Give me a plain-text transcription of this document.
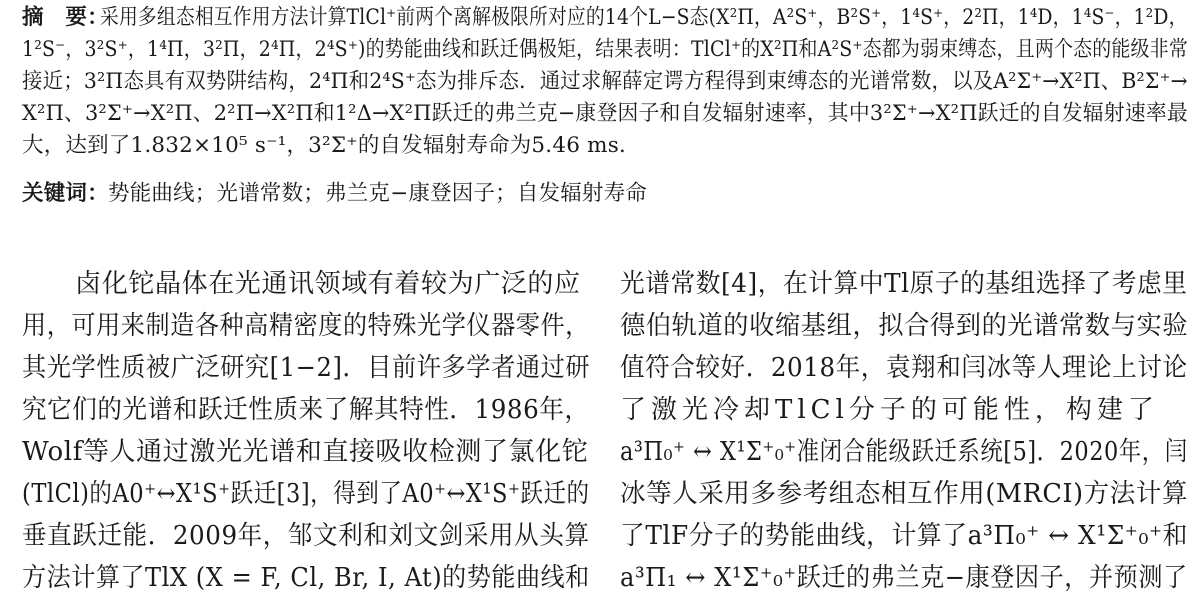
摘　要：
采用多组态相互作用方法计算TlCl⁺前两个离解极限所对应的14个L−S态(X²Π，A²S⁺，B²S⁺，1⁴S⁺，2²Π，1⁴D，1⁴S⁻，1²D，
1²S⁻，3²S⁺，1⁴Π，3²Π，2⁴Π，2⁴S⁺)的势能曲线和跃迁偶极矩，结果表明：TlCl⁺的X²Π和A²S⁺态都为弱束缚态，且两个态的能级非常
接近；3²Π态具有双势阱结构，2⁴Π和2⁴S⁺态为排斥态．通过求解薛定谔方程得到束缚态的光谱常数，以及A²Σ⁺→X²Π、B²Σ⁺→
X²Π、3²Σ⁺→X²Π、2²Π→X²Π和1²Δ→X²Π跃迁的弗兰克−康登因子和自发辐射速率，其中3²Σ⁺→X²Π跃迁的自发辐射速率最
大，达到了1.832×10⁵ s⁻¹，3²Σ⁺的自发辐射寿命为5.46 ms．
关键词： 势能曲线；光谱常数；弗兰克−康登因子；自发辐射寿命
　　卤化铊晶体在光通讯领域有着较为广泛的应
用，可用来制造各种高精密度的特殊光学仪器零件，
其光学性质被广泛研究[1−2]．目前许多学者通过研
究它们的光谱和跃迁性质来了解其特性．1986年，
Wolf等人通过激光光谱和直接吸收检测了氯化铊
(TlCl)的A0⁺↔X¹S⁺跃迁[3]，得到了A0⁺↔X¹S⁺跃迁的
垂直跃迁能．2009年，邹文利和刘文剑采用从头算
方法计算了TlX (X = F, Cl, Br, I, At)的势能曲线和
光谱常数[4]，在计算中Tl原子的基组选择了考虑里
德伯轨道的收缩基组，拟合得到的光谱常数与实验
值符合较好．2018年，袁翔和闫冰等人理论上讨论
了激光冷却TlCl分子的可能性，构建了
a³Π₀⁺ ↔ X¹Σ⁺₀⁺准闭合能级跃迁系统[5]．2020年，闫
冰等人采用多参考组态相互作用(MRCI)方法计算
了TlF分子的势能曲线，计算了a³Π₀⁺ ↔ X¹Σ⁺₀⁺和
a³Π₁ ↔ X¹Σ⁺₀⁺跃迁的弗兰克−康登因子，并预测了
